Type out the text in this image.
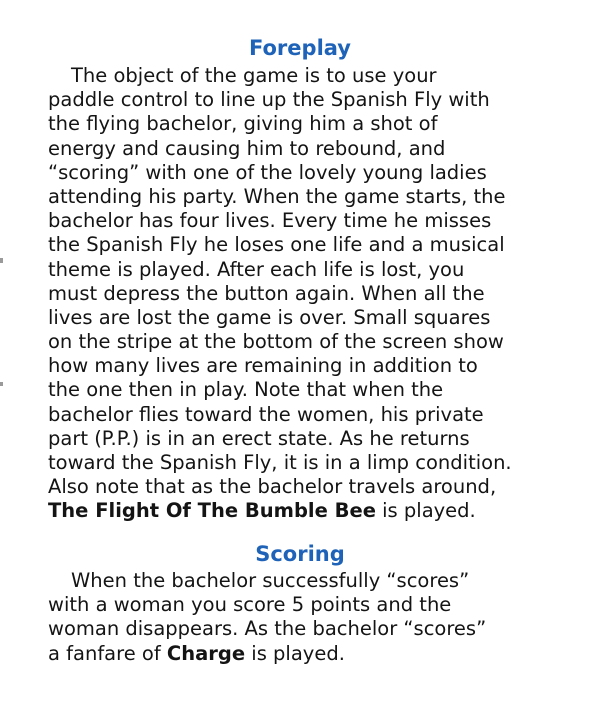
Foreplay
The object of the game is to use your
paddle control to line up the Spanish Fly with
the flying bachelor, giving him a shot of
energy and causing him to rebound, and
“scoring” with one of the lovely young ladies
attending his party. When the game starts, the
bachelor has four lives. Every time he misses
the Spanish Fly he loses one life and a musical
theme is played. After each life is lost, you
must depress the button again. When all the
lives are lost the game is over. Small squares
on the stripe at the bottom of the screen show
how many lives are remaining in addition to
the one then in play. Note that when the
bachelor flies toward the women, his private
part (P.P.) is in an erect state. As he returns
toward the Spanish Fly, it is in a limp condition.
Also note that as the bachelor travels around,
The Flight Of The Bumble Bee is played.
Scoring
When the bachelor successfully “scores”
with a woman you score 5 points and the
woman disappears. As the bachelor “scores”
a fanfare of Charge is played.
